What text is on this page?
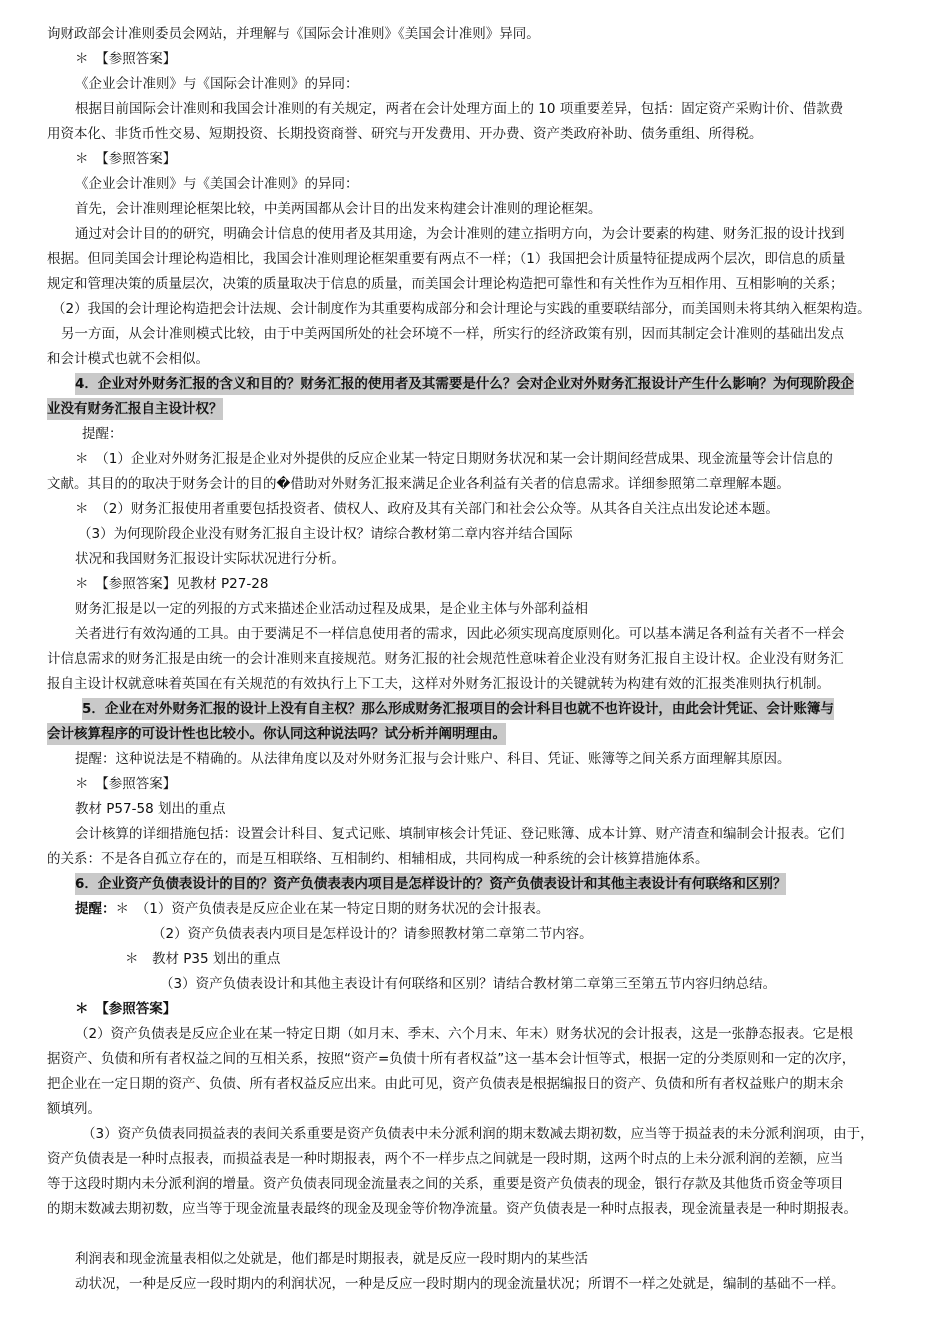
询财政部会计准则委员会网站，并理解与《国际会计准则》《美国会计准则》异同。
＊　【参照答案】
《企业会计准则》与《国际会计准则》的异同：
根据目前国际会计准则和我国会计准则的有关规定，两者在会计处理方面上的 10 项重要差异，包括：固定资产采购计价、借款费
用资本化、非货币性交易、短期投资、长期投资商誉、研究与开发费用、开办费、资产类政府补助、债务重组、所得税。
＊　【参照答案】
《企业会计准则》与《美国会计准则》的异同：
首先，会计准则理论框架比较，中美两国都从会计目的出发来构建会计准则的理论框架。
通过对会计目的的研究，明确会计信息的使用者及其用途，为会计准则的建立指明方向，为会计要素的构建、财务汇报的设计找到
根据。但同美国会计理论构造相比，我国会计准则理论框架重要有两点不一样；（1）我国把会计质量特征提成两个层次，即信息的质量
规定和管理决策的质量层次，决策的质量取决于信息的质量，而美国会计理论构造把可靠性和有关性作为互相作用、互相影响的关系；
（2）我国的会计理论构造把会计法规、会计制度作为其重要构成部分和会计理论与实践的重要联结部分，而美国则未将其纳入框架构造。
另一方面，从会计准则模式比较，由于中美两国所处的社会环境不一样，所实行的经济政策有别，因而其制定会计准则的基础出发点
和会计模式也就不会相似。
4．企业对外财务汇报的含义和目的？财务汇报的使用者及其需要是什么？会对企业对外财务汇报设计产生什么影响？为何现阶段企
业没有财务汇报自主设计权？
提醒：
＊　（1）企业对外财务汇报是企业对外提供的反应企业某一特定日期财务状况和某一会计期间经营成果、现金流量等会计信息的
文献。其目的的取决于财务会计的目的�借助对外财务汇报来满足企业各利益有关者的信息需求。详细参照第二章理解本题。
＊　（2）财务汇报使用者重要包括投资者、债权人、政府及其有关部门和社会公众等。从其各自关注点出发论述本题。
（3）为何现阶段企业没有财务汇报自主设计权？请综合教材第二章内容并结合国际
状况和我国财务汇报设计实际状况进行分析。
＊　【参照答案】见教材 P27-28
财务汇报是以一定的列报的方式来描述企业活动过程及成果，是企业主体与外部利益相
关者进行有效沟通的工具。由于要满足不一样信息使用者的需求，因此必须实现高度原则化。可以基本满足各利益有关者不一样会
计信息需求的财务汇报是由统一的会计准则来直接规范。财务汇报的社会规范性意味着企业没有财务汇报自主设计权。企业没有财务汇
报自主设计权就意味着英国在有关规范的有效执行上下工夫，这样对外财务汇报设计的关键就转为构建有效的汇报类准则执行机制。
5．企业在对外财务汇报的设计上没有自主权？那么形成财务汇报项目的会计科目也就不也许设计，由此会计凭证、会计账簿与
会计核算程序的可设计性也比较小。你认同这种说法吗？试分析并阐明理由。
提醒：这种说法是不精确的。从法律角度以及对外财务汇报与会计账户、科目、凭证、账簿等之间关系方面理解其原因。
＊　【参照答案】
教材 P57-58 划出的重点
会计核算的详细措施包括：设置会计科目、复式记账、填制审核会计凭证、登记账簿、成本计算、财产清查和编制会计报表。它们
的关系：不是各自孤立存在的，而是互相联络、互相制约、相辅相成，共同构成一种系统的会计核算措施体系。
6．企业资产负债表设计的目的？资产负债表表内项目是怎样设计的？资产负债表设计和其他主表设计有何联络和区别？
提醒：＊　（1）资产负债表是反应企业在某一特定日期的财务状况的会计报表。
（2）资产负债表表内项目是怎样设计的？请参照教材第二章第二节内容。
＊　教材 P35 划出的重点
（3）资产负债表设计和其他主表设计有何联络和区别？请结合教材第二章第三至第五节内容归纳总结。
＊　【参照答案】
（2）资产负债表是反应企业在某一特定日期（如月末、季末、六个月末、年末）财务状况的会计报表，这是一张静态报表。它是根
据资产、负债和所有者权益之间的互相关系，按照“资产=负债十所有者权益”这一基本会计恒等式，根据一定的分类原则和一定的次序，
把企业在一定日期的资产、负债、所有者权益反应出来。由此可见，资产负债表是根据编报日的资产、负债和所有者权益账户的期末余
额填列。
（3）资产负债表同损益表的表间关系重要是资产负债表中未分派利润的期末数减去期初数，应当等于损益表的未分派利润项，由于，
资产负债表是一种时点报表，而损益表是一种时期报表，两个不一样步点之间就是一段时期，这两个时点的上未分派利润的差额，应当
等于这段时期内未分派利润的增量。资产负债表同现金流量表之间的关系，重要是资产负债表的现金，银行存款及其他货币资金等项目
的期末数减去期初数，应当等于现金流量表最终的现金及现金等价物净流量。资产负债表是一种时点报表，现金流量表是一种时期报表。
利润表和现金流量表相似之处就是，他们都是时期报表，就是反应一段时期内的某些活
动状况，一种是反应一段时期内的利润状况，一种是反应一段时期内的现金流量状况；所谓不一样之处就是，编制的基础不一样。
